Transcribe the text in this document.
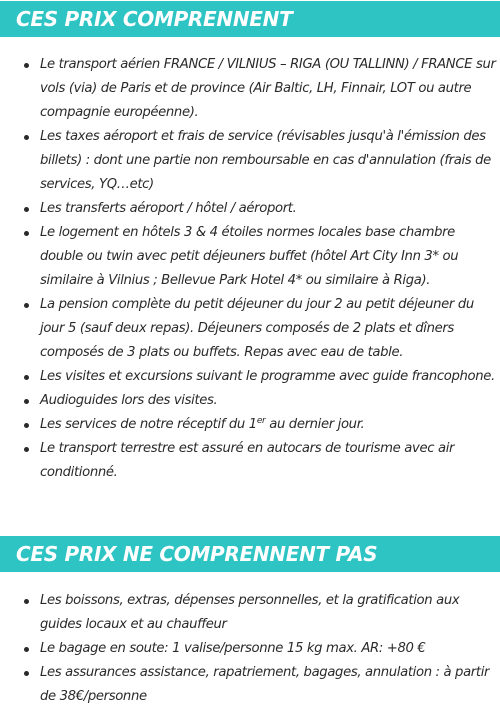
CES PRIX COMPRENNENT
Le transport aérien FRANCE / VILNIUS – RIGA (OU TALLINN) / FRANCE sur vols (via) de Paris et de province (Air Baltic, LH, Finnair, LOT ou autre compagnie européenne).
Les taxes aéroport et frais de service (révisables jusqu'à l'émission des billets) : dont une partie non remboursable en cas d'annulation (frais de services, YQ…etc)
Les transferts aéroport / hôtel / aéroport.
Le logement en hôtels 3 & 4 étoiles normes locales base chambre double ou twin avec petit déjeuners buffet (hôtel Art City Inn 3* ou similaire à Vilnius ; Bellevue Park Hotel 4* ou similaire à Riga).
La pension complète du petit déjeuner du jour 2 au petit déjeuner du jour 5 (sauf deux repas). Déjeuners composés de 2 plats et dîners composés de 3 plats ou buffets. Repas avec eau de table.
Les visites et excursions suivant le programme avec guide francophone.
Audioguides lors des visites.
Les services de notre réceptif du 1er au dernier jour.
Le transport terrestre est assuré en autocars de tourisme avec air conditionné.
CES PRIX NE COMPRENNENT PAS
Les boissons, extras, dépenses personnelles, et la gratification aux guides locaux et au chauffeur
Le bagage en soute: 1 valise/personne 15 kg max. AR: +80 €
Les assurances assistance, rapatriement, bagages, annulation : à partir de 38€/personne
